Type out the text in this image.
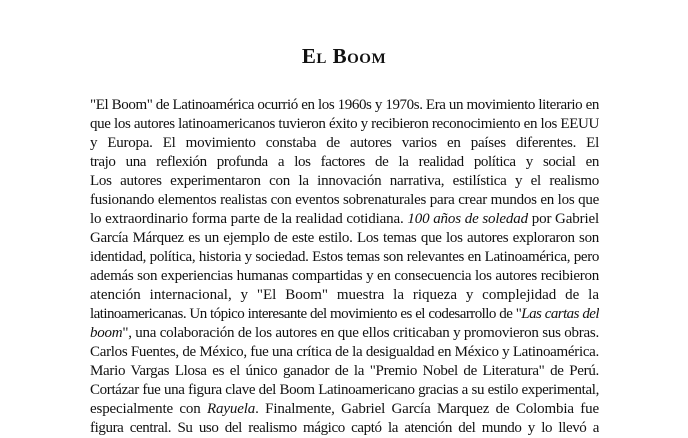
El Boom
"El Boom" de Latinoamérica ocurrió en los 1960s y 1970s. Era un movimiento literario en
que los autores latinoamericanos tuvieron éxito y recibieron reconocimiento en los EEUU
y Europa. El movimiento constaba de autores varios en países diferentes. El
trajo una reflexión profunda a los factores de la realidad política y social en
Los autores experimentaron con la innovación narrativa, estilística y el realismo
fusionando elementos realistas con eventos sobrenaturales para crear mundos en los que
lo extraordinario forma parte de la realidad cotidiana. 100 años de soledad por Gabriel
García Márquez es un ejemplo de este estilo. Los temas que los autores exploraron son
identidad, política, historia y sociedad. Estos temas son relevantes en Latinoamérica, pero
además son experiencias humanas compartidas y en consecuencia los autores recibieron
atención internacional, y "El Boom" muestra la riqueza y complejidad de la
latinoamericanas. Un tópico interesante del movimiento es el codesarrollo de "Las cartas del
boom", una colaboración de los autores en que ellos criticaban y promovieron sus obras.
Carlos Fuentes, de México, fue una crítica de la desigualdad en México y Latinoamérica.
Mario Vargas Llosa es el único ganador de la "Premio Nobel de Literatura" de Perú.
Cortázar fue una figura clave del Boom Latinoamericano gracias a su estilo experimental,
especialmente con Rayuela. Finalmente, Gabriel García Marquez de Colombia fue
figura central. Su uso del realismo mágico captó la atención del mundo y lo llevó a
